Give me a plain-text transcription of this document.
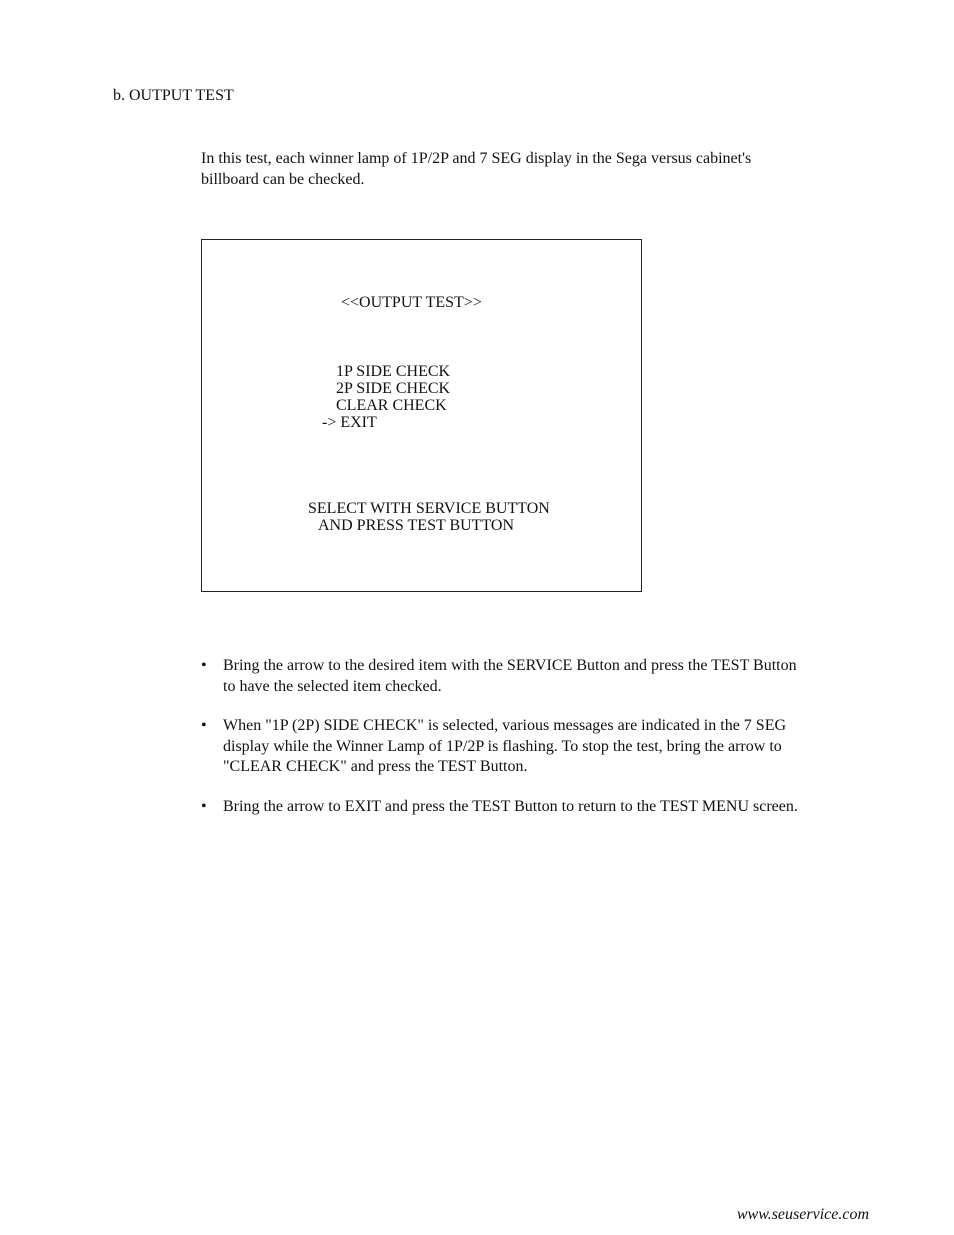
b. OUTPUT TEST
In this test, each winner lamp of 1P/2P and 7 SEG display in the Sega versus cabinet's billboard can be checked.
<<OUTPUT TEST>>
1P SIDE CHECK
2P SIDE CHECK
CLEAR CHECK
-> EXIT
SELECT WITH SERVICE BUTTON
AND PRESS TEST BUTTON
• Bring the arrow to the desired item with the SERVICE Button and press the TEST Button to have the selected item checked.
• When "1P (2P) SIDE CHECK" is selected, various messages are indicated in the 7 SEG display while the Winner Lamp of 1P/2P is flashing. To stop the test, bring the arrow to "CLEAR CHECK" and press the TEST Button.
• Bring the arrow to EXIT and press the TEST Button to return to the TEST MENU screen.
www.seuservice.com
